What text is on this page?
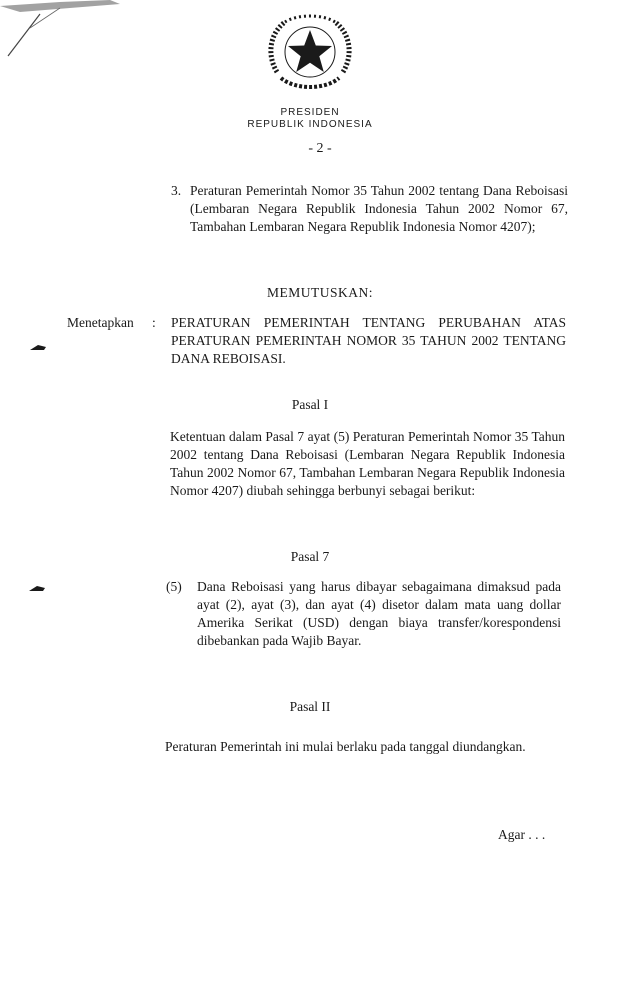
PRESIDEN
REPUBLIK INDONESIA
- 2 -
3. Peraturan Pemerintah Nomor 35 Tahun 2002 tentang Dana Reboisasi (Lembaran Negara Republik Indonesia Tahun 2002 Nomor 67, Tambahan Lembaran Negara Republik Indonesia Nomor 4207);
MEMUTUSKAN:
Menetapkan : PERATURAN PEMERINTAH TENTANG PERUBAHAN ATAS PERATURAN PEMERINTAH NOMOR 35 TAHUN 2002 TENTANG DANA REBOISASI.
Pasal I
Ketentuan dalam Pasal 7 ayat (5) Peraturan Pemerintah Nomor 35 Tahun 2002 tentang Dana Reboisasi (Lembaran Negara Republik Indonesia Tahun 2002 Nomor 67, Tambahan Lembaran Negara Republik Indonesia Nomor 4207) diubah sehingga berbunyi sebagai berikut:
Pasal 7
(5) Dana Reboisasi yang harus dibayar sebagaimana dimaksud pada ayat (2), ayat (3), dan ayat (4) disetor dalam mata uang dollar Amerika Serikat (USD) dengan biaya transfer/korespondensi dibebankan pada Wajib Bayar.
Pasal II
Peraturan Pemerintah ini mulai berlaku pada tanggal diundangkan.
Agar . . .
